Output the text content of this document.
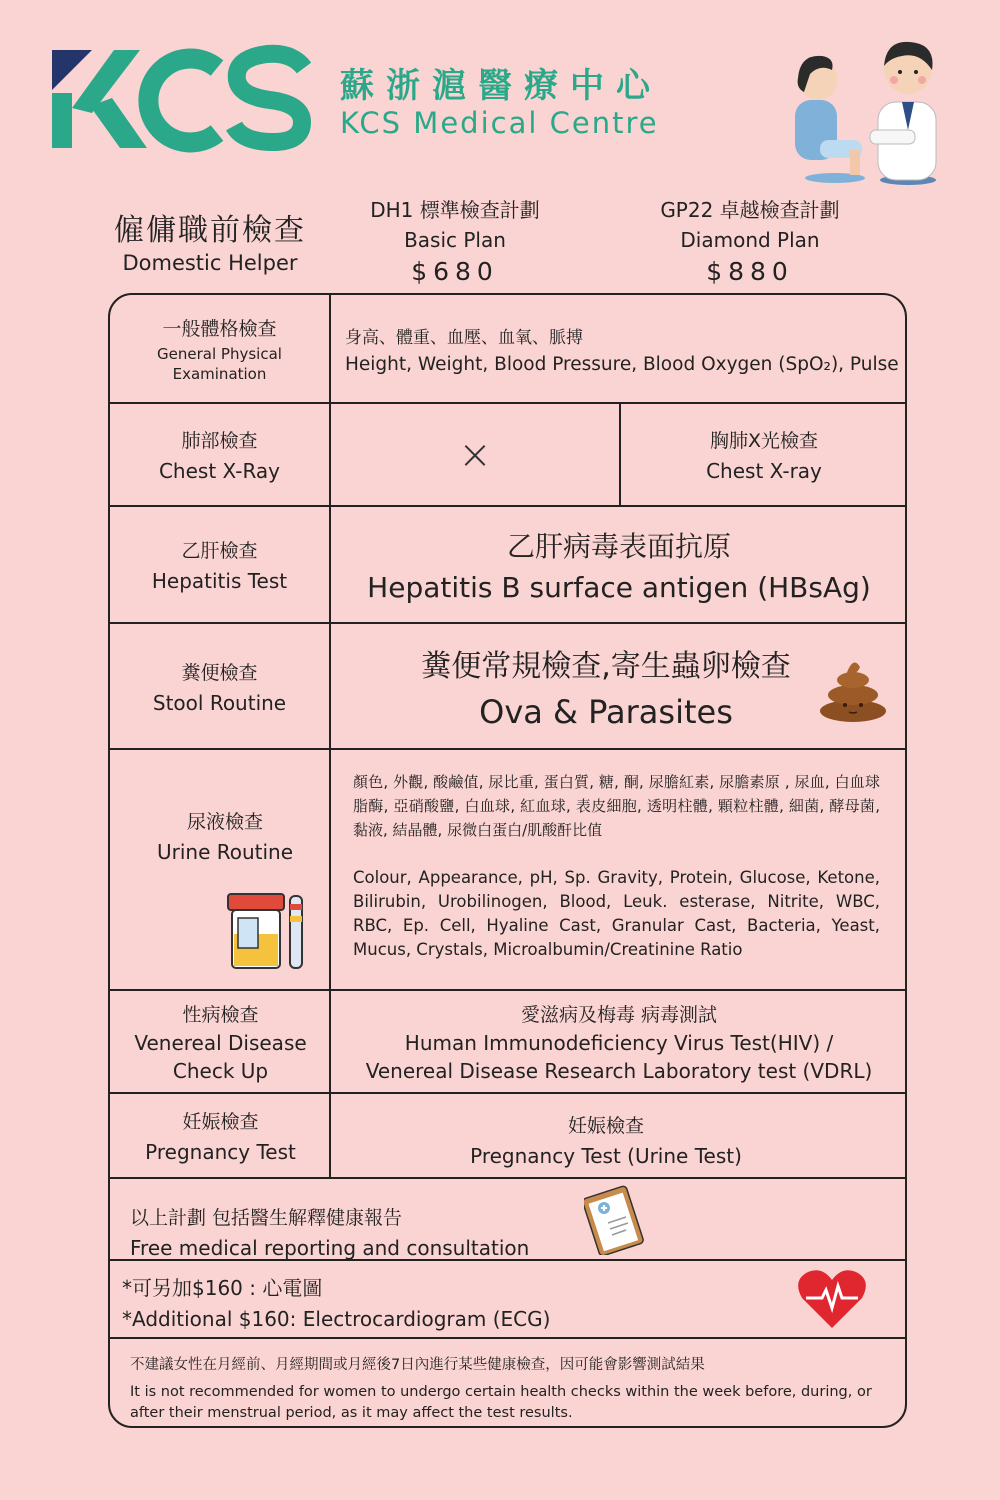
蘇浙滬醫療中心
KCS Medical Centre
僱傭職前檢查
Domestic Helper
DH1 標準檢查計劃
Basic Plan
$680
GP22 卓越檢查計劃
Diamond Plan
$880
一般體格檢查
General Physical
Examination
身高、體重、血壓、血氧、脈搏
Height, Weight, Blood Pressure, Blood Oxygen (SpO₂), Pulse
肺部檢查
Chest X-Ray	×	胸肺X光檢查
Chest X-ray
乙肝檢查
Hepatitis Test
乙肝病毒表面抗原
Hepatitis B surface antigen (HBsAg)
糞便檢查
Stool Routine
糞便常規檢查,寄生蟲卵檢查
Ova & Parasites
尿液檢查
Urine Routine
顏色, 外觀, 酸鹼值, 尿比重, 蛋白質, 糖, 酮, 尿膽紅素, 尿膽素原 , 尿血, 白血球脂酶, 亞硝酸鹽, 白血球, 紅血球, 表皮細胞, 透明柱體, 顆粒柱體, 細菌, 酵母菌, 黏液, 結晶體, 尿微白蛋白/肌酸酐比值
Colour, Appearance, pH, Sp. Gravity, Protein, Glucose, Ketone, Bilirubin, Urobilinogen, Blood, Leuk. esterase, Nitrite, WBC, RBC, Ep. Cell, Hyaline Cast, Granular Cast, Bacteria, Yeast, Mucus, Crystals, Microalbumin/Creatinine Ratio
性病檢查
Venereal Disease
Check Up
愛滋病及梅毒 病毒測試
Human Immunodeficiency Virus Test(HIV) /
Venereal Disease Research Laboratory test (VDRL)
妊娠檢查
Pregnancy Test
妊娠檢查
Pregnancy Test (Urine Test)
以上計劃 包括醫生解釋健康報告
Free medical reporting and consultation
*可另加$160 : 心電圖
*Additional $160: Electrocardiogram (ECG)
不建議女性在月經前、月經期間或月經後7日內進行某些健康檢查，因可能會影響測試結果
It is not recommended for women to undergo certain health checks within the week before, during, or after their menstrual period, as it may affect the test results.
